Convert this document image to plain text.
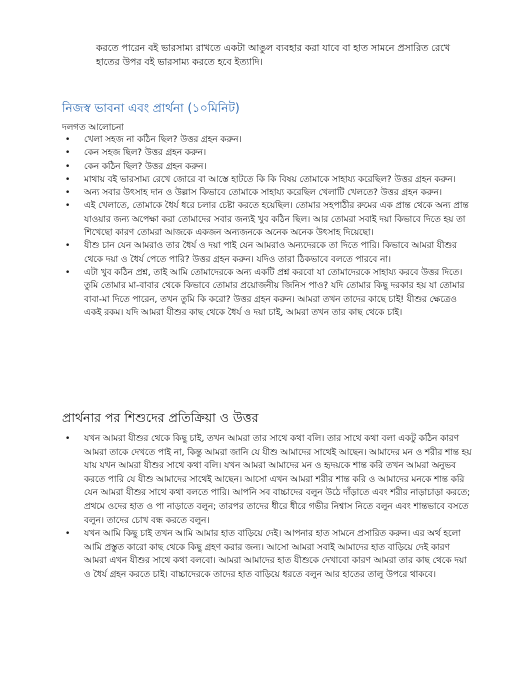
করতে পারেন বই ভারসাম্য রাখতে একটা আঙুল ব্যবহার করা যাবে বা হাত সামনে প্রসারিত রেখে হাতের উপর বই ভারসাম্য করতে হবে ইত্যাদি।

নিজস্ব ভাবনা এবং প্রার্থনা (১০মিনিট)

দলগত আলোচনা

• খেলা সহজ না কঠিন ছিল? উত্তর গ্রহন করুন।
• কেন সহজ ছিল? উত্তর গ্রহন করুন।
• কেন কঠিন ছিল? উত্তর গ্রহন করুন।
• মাথায় বই ভারসাম্য রেখে জোরে বা আস্তে হাটতে কি কি বিষয় তোমাকে সাহায্য করেছিল? উত্তর গ্রহন করুন।
• অন্য সবার উৎসাহ দান ও উল্লাস কিভাবে তোমাকে সাহায্য করেছিল খেলাটি খেলতে? উত্তর গ্রহন করুন।
• এই খেলাতে, তোমাকে ধৈর্য ধরে চলার চেষ্টা করতে হয়েছিল। তোমার সহপাঠীর রুমের এক প্রান্ত থেকে অন্য প্রান্ত যাওয়ার জন্য অপেক্ষা করা তোমাদের সবার জন্যই খুব কঠিন ছিল। আর তোমরা সবাই দয়া কিভাবে দিতে হয় তা শিখেছো কারণ তোমরা আজকে একজন অন্যজনকে অনেক অনেক উৎসাহ দিয়েছো।
• যীশু চান যেন আমরাও তার ধৈর্য ও দয়া পাই যেন আমরাও অন্যদেরকে তা দিতে পারি। কিভাবে আমরা যীশুর থেকে দয়া ও ধৈর্য পেতে পারি? উত্তর গ্রহন করুন। যদিও তারা ঠিকভাবে বলতে পারবে না।
• এটা খুব কঠিন প্রশ্ন, তাই আমি তোমাদেরকে অন্য একটি প্রশ্ন করবো যা তোমাদেরকে সাহায্য করবে উত্তর দিতে। তুমি তোমার মা-বাবার থেকে কিভাবে তোমার প্রয়োজনীয় জিনিস পাও? যদি তোমার কিছু দরকার হয় যা তোমার বাবা-মা দিতে পারেন, তখন তুমি কি করো? উত্তর গ্রহন করুন। আমরা তখন তাদের কাছে চাই! যীশুর ক্ষেত্রেও একই রকম। যদি আমরা যীশুর কাছ থেকে ধৈর্য ও দয়া চাই, আমরা তখন তার কাছ থেকে চাই।
প্রার্থনার পর শিশুদের প্রতিক্রিয়া ও উত্তর
• যখন আমরা যীশুর থেকে কিছু চাই, তখন আমরা তার সাথে কথা বলি। তার সাথে কথা বলা একটু কঠিন কারণ আমরা তাকে দেখতে পাই না, কিন্তু আমরা জানি যে যীশু আমাদের সাথেই আছেন। আমাদের মন ও শরীর শান্ত হয় যায় যখন আমরা যীশুর সাথে কথা বলি। যখন আমরা আমাদের মন ও হৃদয়কে শান্ত করি তখন আমরা অনুভব করতে পারি যে যীশু আমাদের সাথেই আছেন। আসো এখন আমরা শরীর শান্ত করি ও আমাদের মনকে শান্ত করি যেন আমরা যীশুর সাথে কথা বলতে পারি। আপনি সব বাচ্চাদের বলুন উঠে দাঁড়াতে এবং শরীর নাড়াচাড়া করতে; প্রথমে ওদের হাত ও পা নাড়াতে বলুন; তারপর তাদের ধীরে ধীরে গভীর নিশ্বাস নিতে বলুন এবং শান্তভাবে বসতে বলুন। তাদের চোখ বন্ধ করতে বলুন।
• যখন আমি কিছু চাই তখন আমি আমার হাত বাড়িয়ে দেই। আপনার হাত সামনে প্রসারিত করুন। এর অর্থ হলো আমি প্রস্তুত কারো কাছ থেকে কিছু গ্রহণ করার জন্য। আসো আমরা সবাই আমাদের হাত বাড়িয়ে দেই কারণ আমরা এখন যীশুর সাথে কথা বলবো। আমরা আমাদের হাত যীশুকে দেখাবো কারণ আমরা তার কাছ থেকে দয়া ও ধৈর্য গ্রহন করতে চাই। বাচ্চাদেরকে তাদের হাত বাড়িয়ে ধরতে বলুন আর হাতের তালু উপরে থাকবে।
